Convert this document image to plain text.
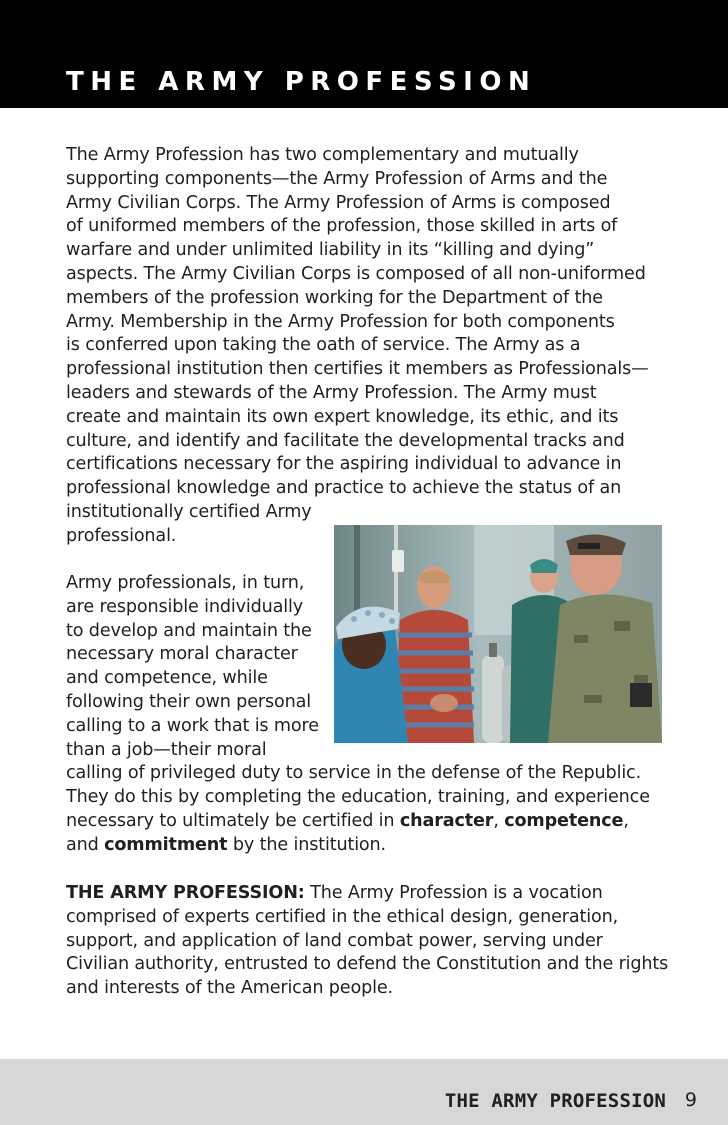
THE ARMY PROFESSION
The Army Profession has two complementary and mutually
supporting components—the Army Profession of Arms and the
Army Civilian Corps. The Army Profession of Arms is composed
of uniformed members of the profession, those skilled in arts of
warfare and under unlimited liability in its “killing and dying”
aspects. The Army Civilian Corps is composed of all non-uniformed
members of the profession working for the Department of the
Army. Membership in the Army Profession for both components
is conferred upon taking the oath of service. The Army as a
professional institution then certifies it members as Professionals—
leaders and stewards of the Army Profession. The Army must
create and maintain its own expert knowledge, its ethic, and its
culture, and identify and facilitate the developmental tracks and
certifications necessary for the aspiring individual to advance in
professional knowledge and practice to achieve the status of an
institutionally certified Army
professional.
Army professionals, in turn,
are responsible individually
to develop and maintain the
necessary moral character
and competence, while
following their own personal
calling to a work that is more
than a job—their moral
calling of privileged duty to service in the defense of the Republic.
They do this by completing the education, training, and experience
necessary to ultimately be certified in character, competence,
and commitment by the institution.
THE ARMY PROFESSION: The Army Profession is a vocation
comprised of experts certified in the ethical design, generation,
support, and application of land combat power, serving under
Civilian authority, entrusted to defend the Constitution and the rights
and interests of the American people.
THE ARMY PROFESSION 9
